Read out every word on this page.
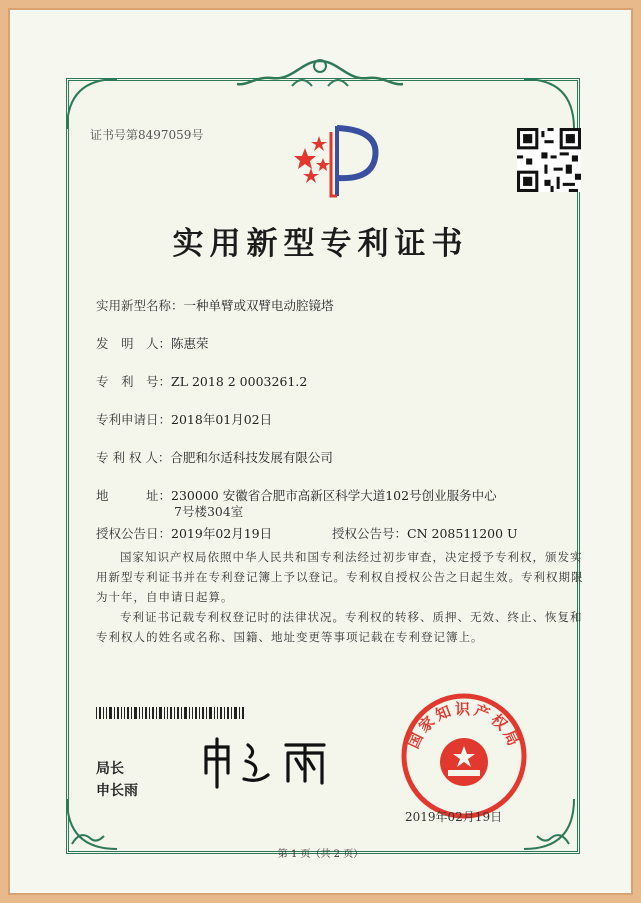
证书号第8497059号
实用新型专利证书
实用新型名称：一种单臂或双臂电动腔镜塔
发　明　人：陈惠荣
专　利　号：ZL 2018 2 0003261.2
专利申请日：2018年01月02日
专 利 权 人：合肥和尔适科技发展有限公司
地　　　址：230000 安徽省合肥市高新区科学大道102号创业服务中心
7号楼304室
授权公告日：2019年02月19日	授权公告号：CN 208511200 U
国家知识产权局依照中华人民共和国专利法经过初步审查，决定授予专利权，颁发实用新型专利证书并在专利登记簿上予以登记。专利权自授权公告之日起生效。专利权期限为十年，自申请日起算。
专利证书记载专利权登记时的法律状况。专利权的转移、质押、无效、终止、恢复和专利权人的姓名或名称、国籍、地址变更等事项记载在专利登记簿上。
局长
申长雨
国家知识产权局
2019年02月19日
第 1 页（共 2 页）
